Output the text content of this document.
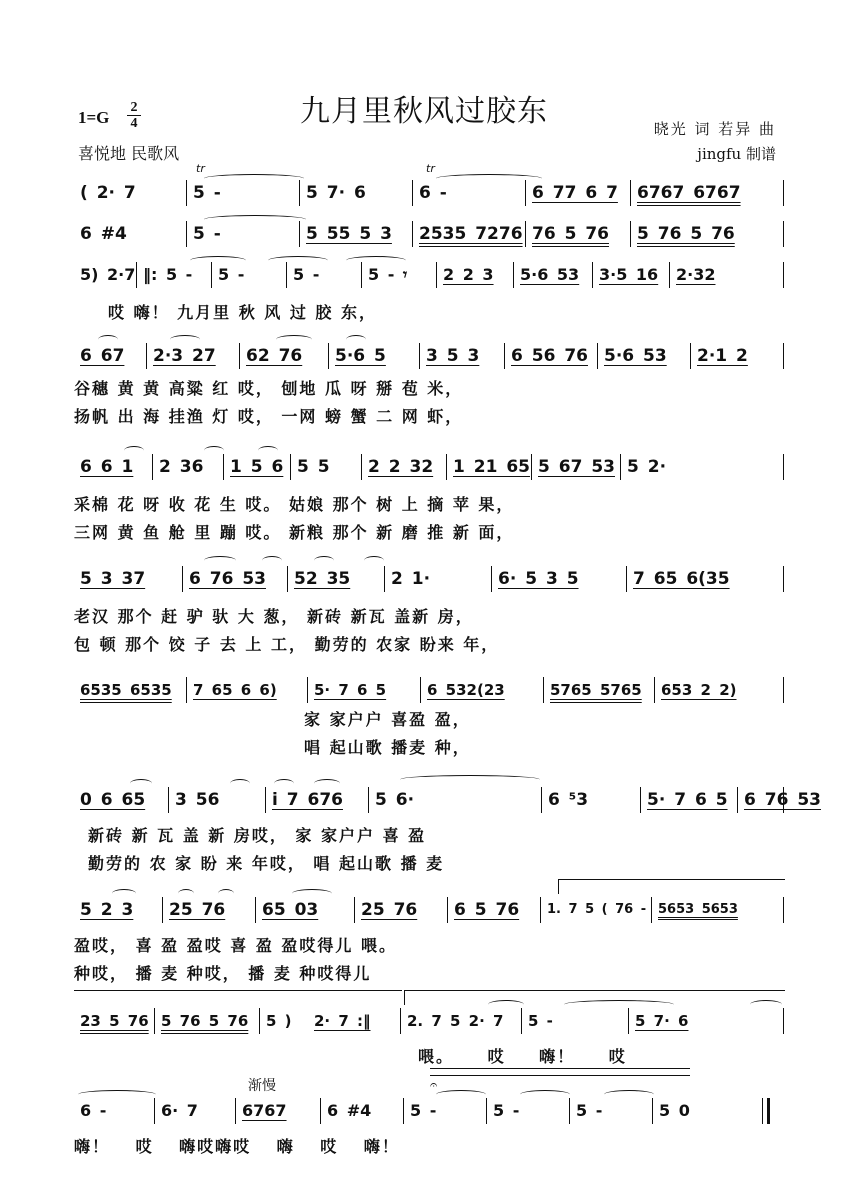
九月里秋风过胶东
1=G
2
4
喜悦地 民歌风
晓光 词 若异 曲
jingfu 制谱
tr	tr
( 2· 7	5 -	5 7· 6	6 -	6 77 6 7 6767 6767
6 #4	5 -	5 55 5 3 2535 7276 76 5 76 5 76 5 76
5) 2·7 ‖: 5 - 5 -	5 -	5 - 𝄾 2 2 3 5·6 53 3·5 16 2·32
哎 嗨！ 九月里 秋 风 过 胶 东，
6 67 2·3 27 62 76 5·6 5 3 5 3 6 56 76 5·6 53 2·1 2
谷穗 黄 黄 高粱 红 哎， 刨地 瓜 呀 掰 苞 米，
扬帆 出 海 挂渔 灯 哎， 一网 螃 蟹 二 网 虾，
6 6 1 2 36 1 5 6 5 5 2 2 32 1 21 65 5 67 53 5 2·
采棉 花 呀 收 花 生 哎。 姑娘 那个 树 上 摘 苹 果，
三网 黄 鱼 舱 里 蹦 哎。 新粮 那个 新 磨 推 新 面，
5 3 37	6 76 53 52 35 2 1·	6· 5 3 5	7 65 6(35
老汉 那个 赶 驴 驮 大 葱， 新砖 新瓦 盖新 房，
包 顿 那个 饺 子 去 上 工， 勤劳的 农家 盼来 年，
6535 6535 7 65 6 6) 5· 7 6 5	6 532(23	5765 5765 653 2 2)
家 家户户 喜盈 盈，
唱 起山歌 播麦 种，
0 6 65 3 56	i 7 676 5 6·	6 ⁵3	5· 7 6 5 6 76 53
新砖 新 瓦 盖 新 房哎， 家 家户户 喜 盈
勤劳的 农 家 盼 来 年哎， 唱 起山歌 播 麦
5 2 3 25 76 65 03	25 76 6 5 76 1. 7 5 ( 76 - 5653 5653
盈哎， 喜 盈 盈哎 喜 盈 盈哎得儿 喂。
种哎， 播 麦 种哎， 播 麦 种哎得儿
23 5 76 5 76 5 76 5 ) 2· 7 :‖ 2. 7 5 2· 7 5 -	5 7· 6
喂。 哎 嗨！ 哎
渐慢	𝄐
6 -	6· 7	6767	6 #4 5 -	5 -	5 -	5 0
嗨！ 哎 嗨哎嗨哎 嗨 哎 嗨！
